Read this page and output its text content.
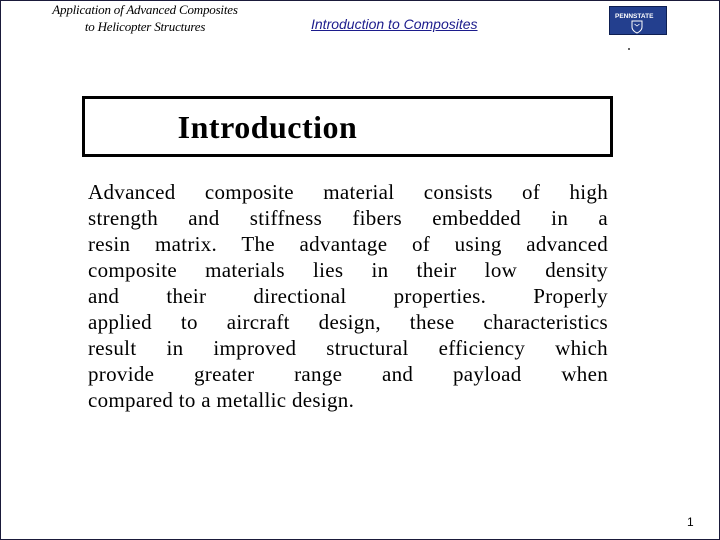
Application of Advanced Composites
to Helicopter Structures	Introduction to Composites	PENNSTATE
Introduction
Advanced composite material consists of high
strength and stiffness fibers embedded in a
resin matrix. The advantage of using advanced
composite materials lies in their low density
and their directional properties. Properly
applied to aircraft design, these characteristics
result in improved structural efficiency which
provide greater range and payload when
compared to a metallic design.
1
